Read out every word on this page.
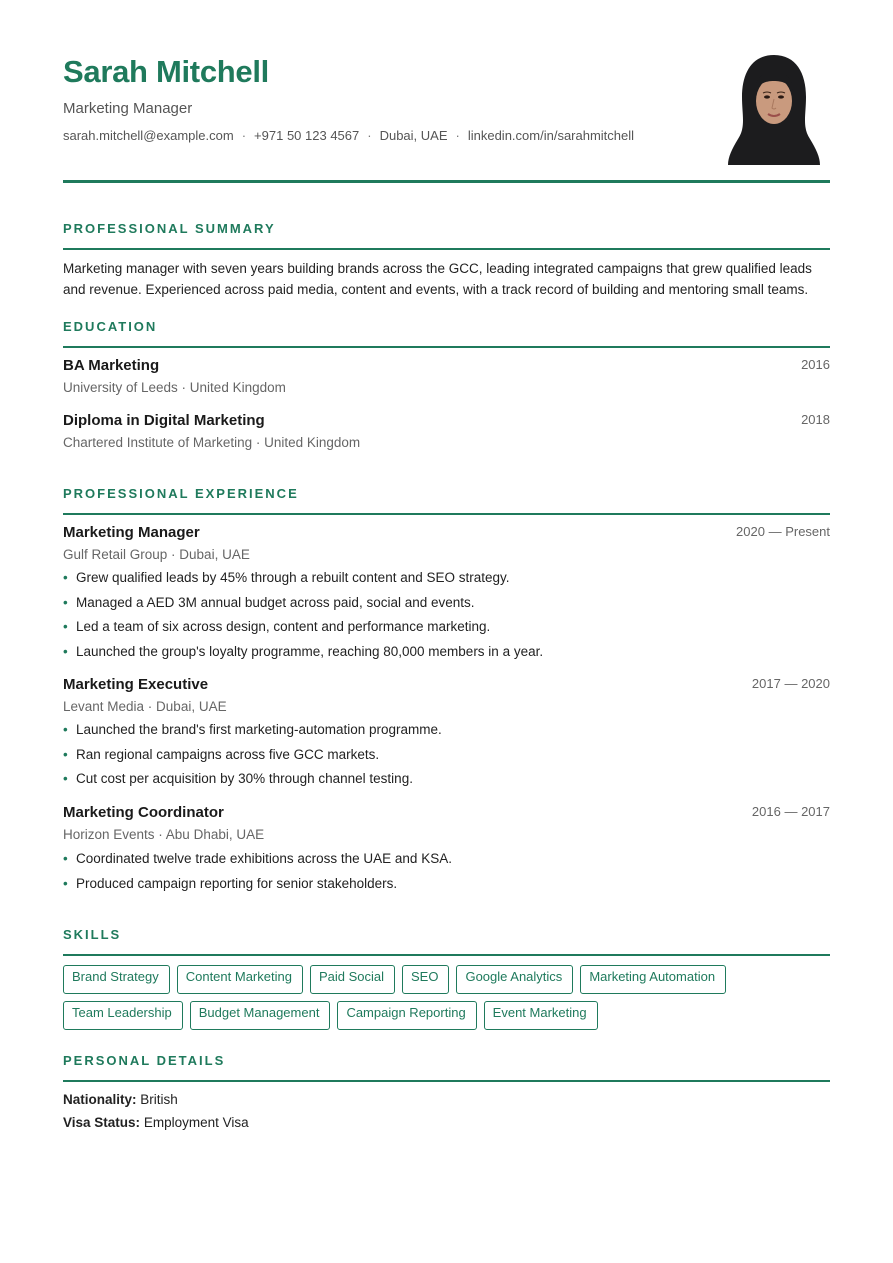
Sarah Mitchell
Marketing Manager
sarah.mitchell@example.com · +971 50 123 4567 · Dubai, UAE · linkedin.com/in/sarahmitchell
PROFESSIONAL SUMMARY
Marketing manager with seven years building brands across the GCC, leading integrated campaigns that grew qualified leads and revenue. Experienced across paid media, content and events, with a track record of building and mentoring small teams.
EDUCATION
BA Marketing	2016
University of Leeds · United Kingdom
Diploma in Digital Marketing	2018
Chartered Institute of Marketing · United Kingdom
PROFESSIONAL EXPERIENCE
Marketing Manager	2020 — Present
Gulf Retail Group · Dubai, UAE
• Grew qualified leads by 45% through a rebuilt content and SEO strategy.
• Managed a AED 3M annual budget across paid, social and events.
• Led a team of six across design, content and performance marketing.
• Launched the group's loyalty programme, reaching 80,000 members in a year.
Marketing Executive	2017 — 2020
Levant Media · Dubai, UAE
• Launched the brand's first marketing-automation programme.
• Ran regional campaigns across five GCC markets.
• Cut cost per acquisition by 30% through channel testing.
Marketing Coordinator	2016 — 2017
Horizon Events · Abu Dhabi, UAE
• Coordinated twelve trade exhibitions across the UAE and KSA.
• Produced campaign reporting for senior stakeholders.
SKILLS
Brand Strategy	Content Marketing	Paid Social	SEO	Google Analytics	Marketing Automation
Team Leadership	Budget Management	Campaign Reporting	Event Marketing
PERSONAL DETAILS
Nationality: British
Visa Status: Employment Visa
